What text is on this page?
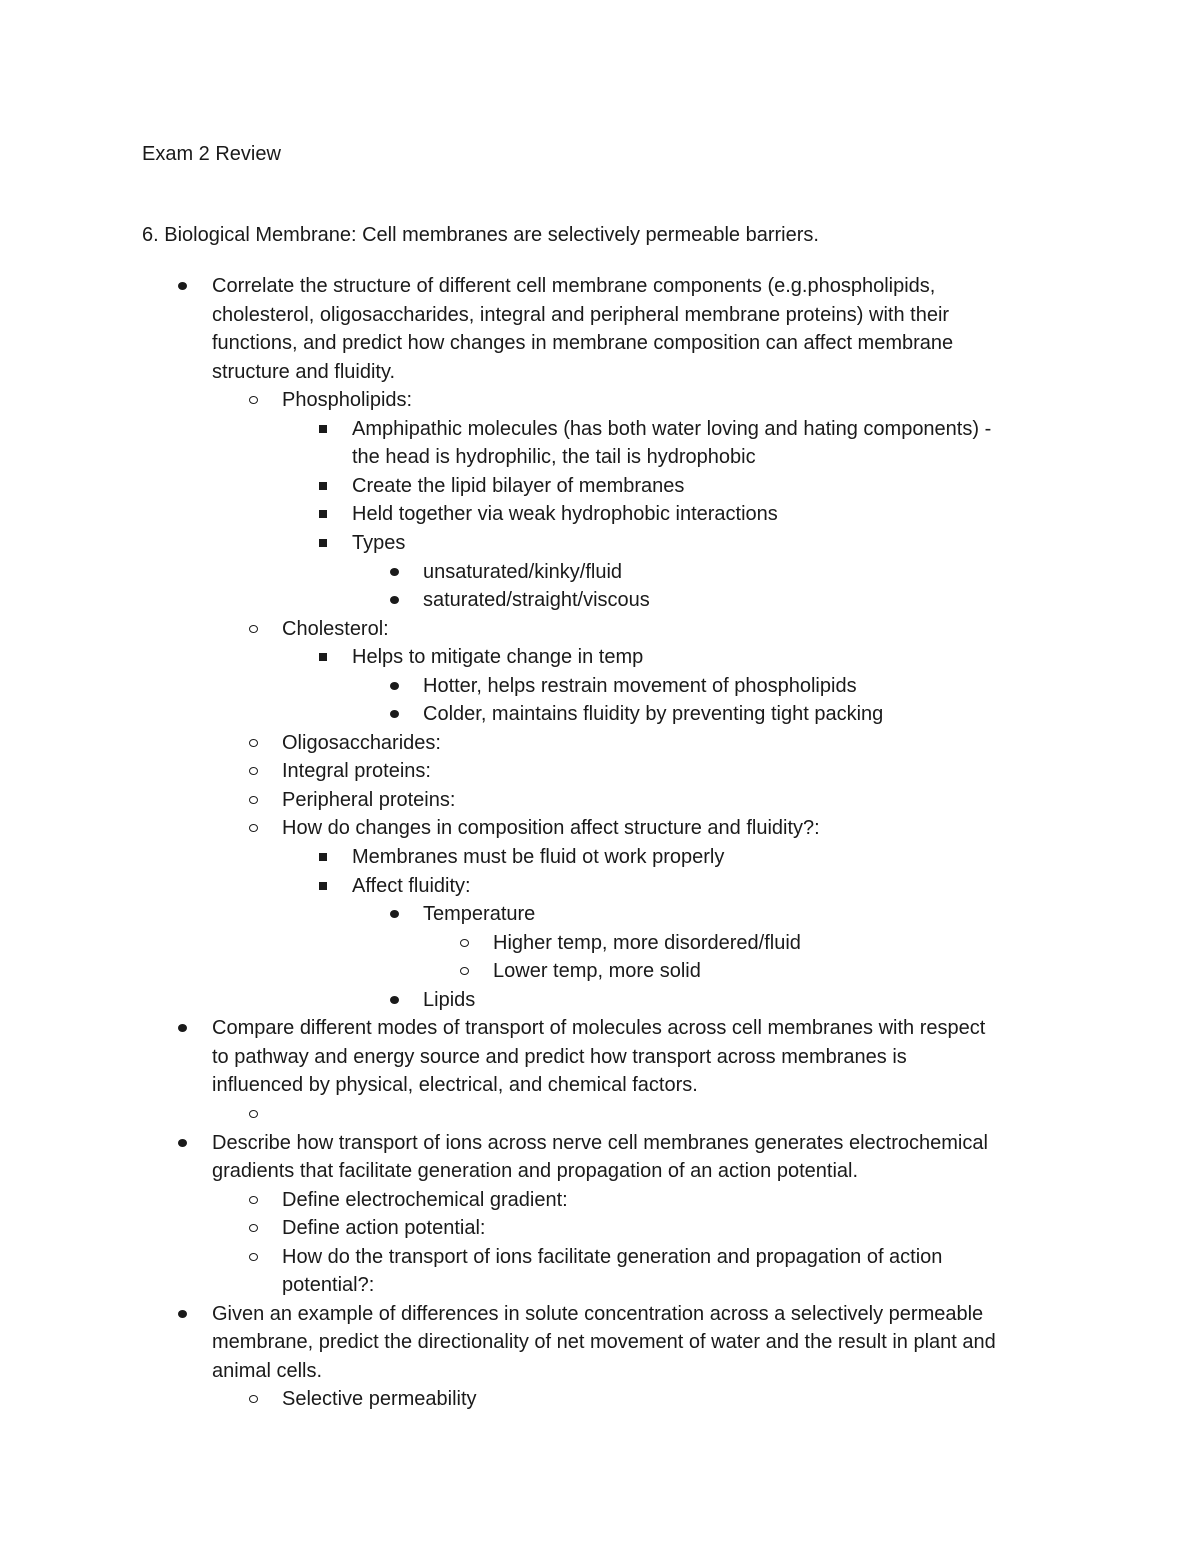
Exam 2 Review
6. Biological Membrane: Cell membranes are selectively permeable barriers.
Correlate the structure of different cell membrane components (e.g.phospholipids,
cholesterol, oligosaccharides, integral and peripheral membrane proteins) with their
functions, and predict how changes in membrane composition can affect membrane
structure and fluidity.
Phospholipids:
Amphipathic molecules (has both water loving and hating components) -
the head is hydrophilic, the tail is hydrophobic
Create the lipid bilayer of membranes
Held together via weak hydrophobic interactions
Types
unsaturated/kinky/fluid
saturated/straight/viscous
Cholesterol:
Helps to mitigate change in temp
Hotter, helps restrain movement of phospholipids
Colder, maintains fluidity by preventing tight packing
Oligosaccharides:
Integral proteins:
Peripheral proteins:
How do changes in composition affect structure and fluidity?:
Membranes must be fluid ot work properly
Affect fluidity:
Temperature
Higher temp, more disordered/fluid
Lower temp, more solid
Lipids
Compare different modes of transport of molecules across cell membranes with respect
to pathway and energy source and predict how transport across membranes is
influenced by physical, electrical, and chemical factors.
Describe how transport of ions across nerve cell membranes generates electrochemical
gradients that facilitate generation and propagation of an action potential.
Define electrochemical gradient:
Define action potential:
How do the transport of ions facilitate generation and propagation of action
potential?:
Given an example of differences in solute concentration across a selectively permeable
membrane, predict the directionality of net movement of water and the result in plant and
animal cells.
Selective permeability
